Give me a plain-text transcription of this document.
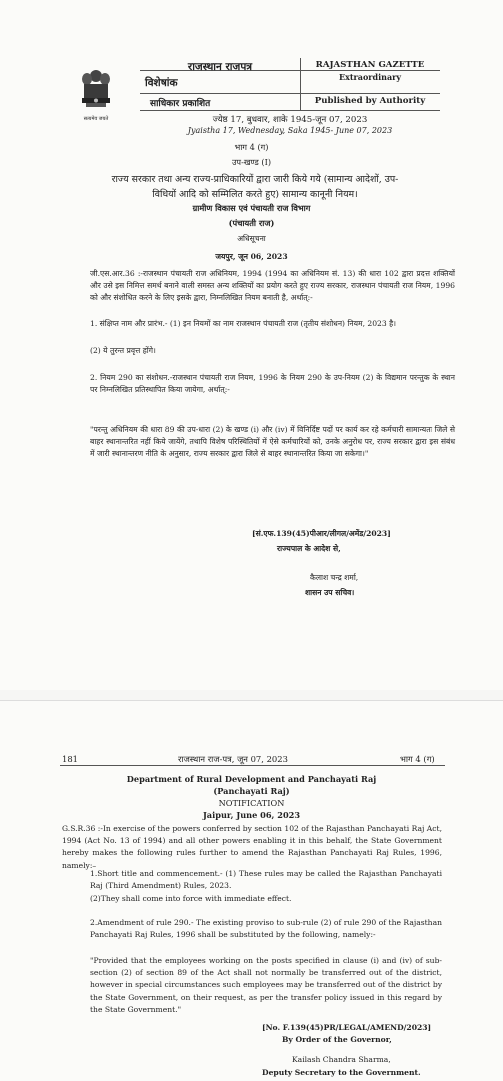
सत्यमेव जयते
राजस्थान राजपत्र
विशेषांक
साधिकार प्रकाशित
RAJASTHAN GAZETTE
Extraordinary
Published by Authority
ज्येष्ठ 17, बुधवार, शाके 1945-जून 07, 2023
Jyaistha 17, Wednesday, Saka 1945- June 07, 2023
भाग 4 (ग)
उप-खण्ड (I)
राज्य सरकार तथा अन्य राज्य-प्राधिकारियों द्वारा जारी किये गये (सामान्य आदेशों, उप-
विधियों आदि को सम्मिलित करते हुए) सामान्य कानूनी नियम।
ग्रामीण विकास एवं पंचायती राज विभाग
(पंचायती राज)
अधिसूचना
जयपुर, जून 06, 2023
जी.एस.आर.36 :-राजस्थान पंचायती राज अधिनियम, 1994 (1994 का अधिनियम सं. 13) की धारा 102 द्वारा प्रदत्त शक्तियों और उसे इस निमित्त समर्थ बनाने वाली समस्त अन्य शक्तियों का प्रयोग करते हुए राज्य सरकार, राजस्थान पंचायती राज नियम, 1996 को और संशोधित करने के लिए इसके द्वारा, निम्नलिखित नियम बनाती है, अर्थात्:-
1. संक्षिप्त नाम और प्रारंभ.- (1) इन नियमों का नाम राजस्थान पंचायती राज (तृतीय संशोधन) नियम, 2023 है।
(2) ये तुरन्त प्रवृत्त होंगे।
2. नियम 290 का संशोधन.-राजस्थान पंचायती राज नियम, 1996 के नियम 290 के उप-नियम (2) के विद्यमान परन्तुक के स्थान पर निम्नलिखित प्रतिस्थापित किया जायेगा, अर्थात्:-
"परन्तु अधिनियम की धारा 89 की उप-धारा (2) के खण्ड (i) और (iv) में विनिर्दिष्ट पदों पर कार्य कर रहे कर्मचारी सामान्यतः जिले से बाहर स्थानान्तरित नहीं किये जायेंगे, तथापि विशेष परिस्थितियों में ऐसे कर्मचारियों को, उनके अनुरोध पर, राज्य सरकार द्वारा इस संबंध में जारी स्थानान्तरण नीति के अनुसार, राज्य सरकार द्वारा जिले से बाहर स्थानान्तरित किया जा सकेगा।"
[सं.एफ.139(45)पीआर/लीगल/अमेंड/2023]
राज्यपाल के आदेश से,
कैलाश चन्द्र शर्मा,
शासन उप सचिव।
181	राजस्थान राज-पत्र, जून 07, 2023	भाग 4 (ग)
Department of Rural Development and Panchayati Raj
(Panchayati Raj)
NOTIFICATION
Jaipur, June 06, 2023
G.S.R.36 :-In exercise of the powers conferred by section 102 of the Rajasthan Panchayati Raj Act, 1994 (Act No. 13 of 1994) and all other powers enabling it in this behalf, the State Government hereby makes the following rules further to amend the Rajasthan Panchayati Raj Rules, 1996, namely:–
1.Short title and commencement.- (1) These rules may be called the Rajasthan Panchayati Raj (Third Amendment) Rules, 2023.
(2)They shall come into force with immediate effect.
2.Amendment of rule 290.- The existing proviso to sub-rule (2) of rule 290 of the Rajasthan Panchayati Raj Rules, 1996 shall be substituted by the following, namely:-
"Provided that the employees working on the posts specified in clause (i) and (iv) of sub-section (2) of section 89 of the Act shall not normally be transferred out of the district, however in special circumstances such employees may be transferred out of the district by the State Government, on their request, as per the transfer policy issued in this regard by the State Government."
[No. F.139(45)PR/LEGAL/AMEND/2023]
By Order of the Governor,
Kailash Chandra Sharma,
Deputy Secretary to the Government.
